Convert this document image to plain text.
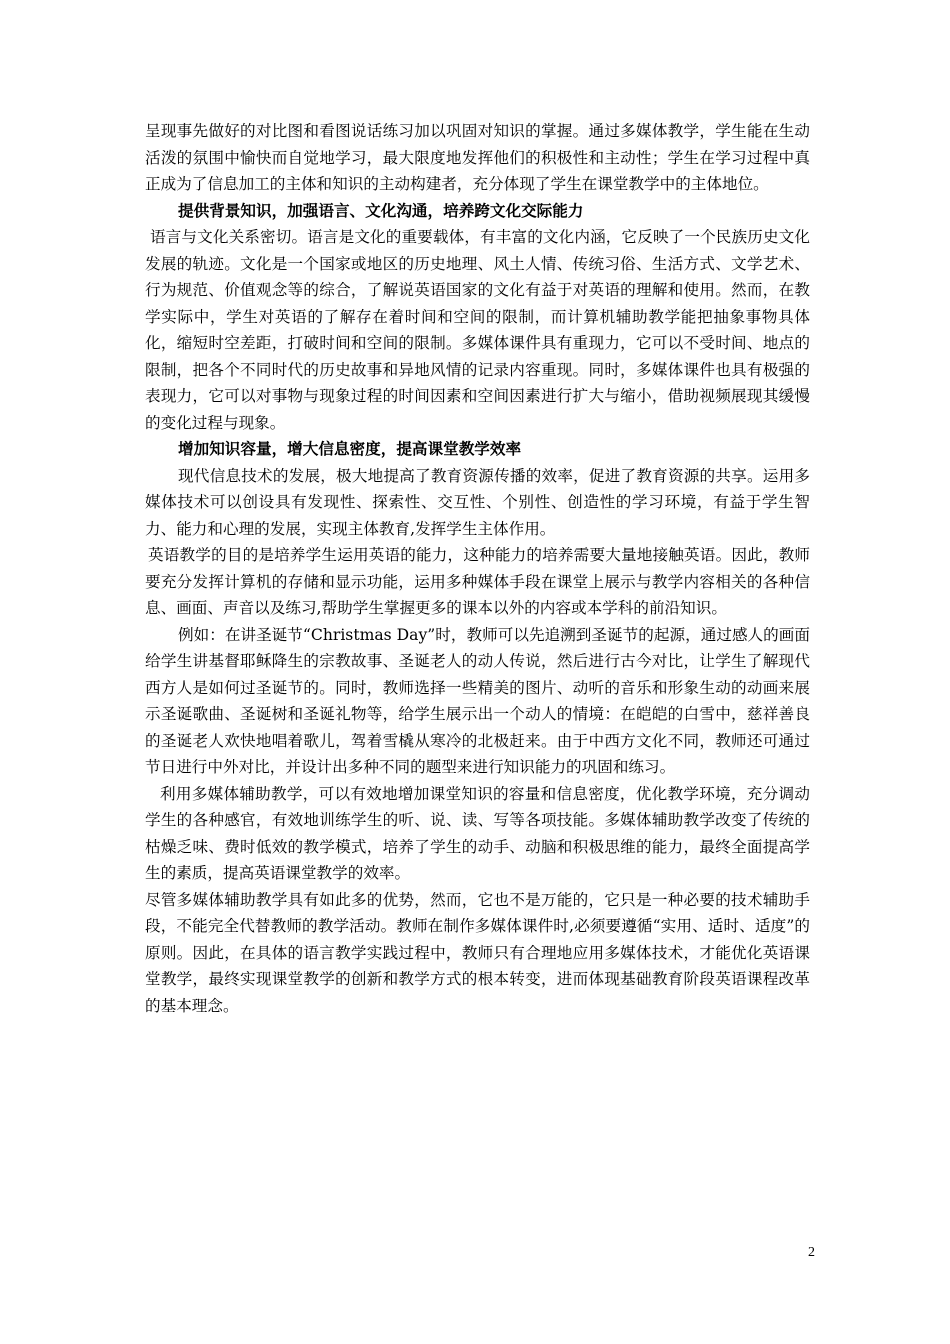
呈现事先做好的对比图和看图说话练习加以巩固对知识的掌握。通过多媒体教学，学生能在生动活泼的氛围中愉快而自觉地学习，最大限度地发挥他们的积极性和主动性；学生在学习过程中真正成为了信息加工的主体和知识的主动构建者，充分体现了学生在课堂教学中的主体地位。

提供背景知识，加强语言、文化沟通，培养跨文化交际能力

语言与文化关系密切。语言是文化的重要载体，有丰富的文化内涵，它反映了一个民族历史文化发展的轨迹。文化是一个国家或地区的历史地理、风土人情、传统习俗、生活方式、文学艺术、行为规范、价值观念等的综合，了解说英语国家的文化有益于对英语的理解和使用。然而，在教学实际中，学生对英语的了解存在着时间和空间的限制，而计算机辅助教学能把抽象事物具体化，缩短时空差距，打破时间和空间的限制。多媒体课件具有重现力，它可以不受时间、地点的限制，把各个不同时代的历史故事和异地风情的记录内容重现。同时，多媒体课件也具有极强的表现力，它可以对事物与现象过程的时间因素和空间因素进行扩大与缩小，借助视频展现其缓慢的变化过程与现象。

增加知识容量，增大信息密度，提高课堂教学效率

现代信息技术的发展，极大地提高了教育资源传播的效率，促进了教育资源的共享。运用多媒体技术可以创设具有发现性、探索性、交互性、个别性、创造性的学习环境，有益于学生智力、能力和心理的发展，实现主体教育,发挥学生主体作用。

英语教学的目的是培养学生运用英语的能力，这种能力的培养需要大量地接触英语。因此，教师要充分发挥计算机的存储和显示功能，运用多种媒体手段在课堂上展示与教学内容相关的各种信息、画面、声音以及练习,帮助学生掌握更多的课本以外的内容或本学科的前沿知识。

例如：在讲圣诞节“Christmas Day”时，教师可以先追溯到圣诞节的起源，通过感人的画面给学生讲基督耶稣降生的宗教故事、圣诞老人的动人传说，然后进行古今对比，让学生了解现代西方人是如何过圣诞节的。同时，教师选择一些精美的图片、动听的音乐和形象生动的动画来展示圣诞歌曲、圣诞树和圣诞礼物等，给学生展示出一个动人的情境：在皑皑的白雪中，慈祥善良的圣诞老人欢快地唱着歌儿，驾着雪橇从寒冷的北极赶来。由于中西方文化不同，教师还可通过节日进行中外对比，并设计出多种不同的题型来进行知识能力的巩固和练习。

利用多媒体辅助教学，可以有效地增加课堂知识的容量和信息密度，优化教学环境，充分调动学生的各种感官，有效地训练学生的听、说、读、写等各项技能。多媒体辅助教学改变了传统的枯燥乏味、费时低效的教学模式，培养了学生的动手、动脑和积极思维的能力，最终全面提高学生的素质，提高英语课堂教学的效率。

尽管多媒体辅助教学具有如此多的优势，然而，它也不是万能的，它只是一种必要的技术辅助手段，不能完全代替教师的教学活动。教师在制作多媒体课件时,必须要遵循“实用、适时、适度”的原则。因此，在具体的语言教学实践过程中，教师只有合理地应用多媒体技术，才能优化英语课堂教学，最终实现课堂教学的创新和教学方式的根本转变，进而体现基础教育阶段英语课程改革的基本理念。

2
